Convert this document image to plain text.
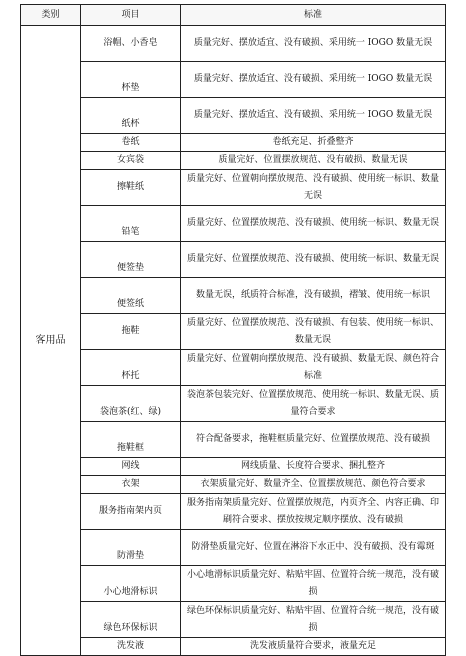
类别	项目	标准
客用品	浴帽、小香皂	质量完好、摆放适宜、没有破损、采用统一 IOGO 数量无误
	杯垫	质量完好、摆放适宜、没有破损、采用统一 IOGO 数量无误
	纸杯	质量完好、摆放适宜、没有破损、采用统一 IOGO 数量无误
	卷纸	卷纸充足、折叠整齐
	女宾袋	质量完好、位置摆放规范、没有破损、数量无误
	擦鞋纸	质量完好、位置朝向摆放规范、没有破损、使用统一标识、数量无误
	铅笔	质量完好、位置摆放规范、没有破损、使用统一标识、数量无误
	便签垫	质量完好、位置摆放规范、没有破损、使用统一标识、数量无误
	便签纸	数量无误，纸质符合标准，没有破损，褶皱、使用统一标识
	拖鞋	质量完好、位置摆放规范、没有破损、有包装、使用统一标识、数量无误
	杯托	质量完好、位置朝向摆放规范、没有破损、数量无误、颜色符合标准
	袋泡茶(红、绿)	袋泡茶包装完好、位置摆放规范、使用统一标识、数量无误、质量符合要求
	拖鞋框	符合配备要求，拖鞋框质量完好、位置摆放规范、没有破损
	网线	网线质量、长度符合要求、捆扎整齐
	衣架	衣架质量完好、数量齐全、位置摆放规范、颜色符合要求
	服务指南架内页	服务指南架质量完好、位置摆放规范，内页齐全、内容正确、印刷符合要求、摆放按规定顺序摆放、没有破损
	防滑垫	防滑垫质量完好、位置在淋浴下水正中、没有破损、没有霉斑
	小心地滑标识	小心地滑标识质量完好、粘贴牢固、位置符合统一规范，没有破损
	绿色环保标识	绿色环保标识质量完好、粘贴牢固、位置符合统一规范，没有破损
	洗发液	洗发液质量符合要求，液量充足
